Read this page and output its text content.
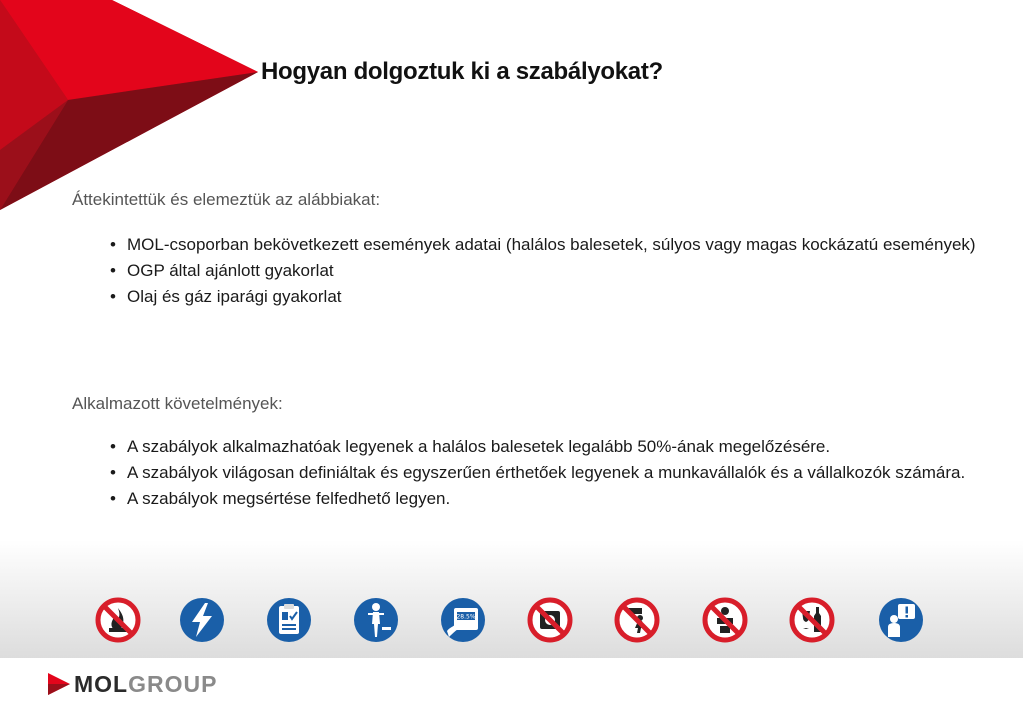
Hogyan dolgoztuk ki a szabályokat?

Áttekintettük és elemeztük az alábbiakat:

• MOL-csoporban bekövetkezett események adatai (halálos balesetek, súlyos vagy magas kockázatú események)
• OGP által ajánlott gyakorlat
• Olaj és gáz iparági gyakorlat

Alkalmazott követelmények:

• A szabályok alkalmazhatóak legyenek a halálos balesetek legalább 50%-ának megelőzésére.
• A szabályok világosan definiáltak és egyszerűen érthetőek legyenek a munkavállalók és a vállalkozók számára.
• A szabályok megsértése felfedhető legyen.
28.5%
MOLGROUP
